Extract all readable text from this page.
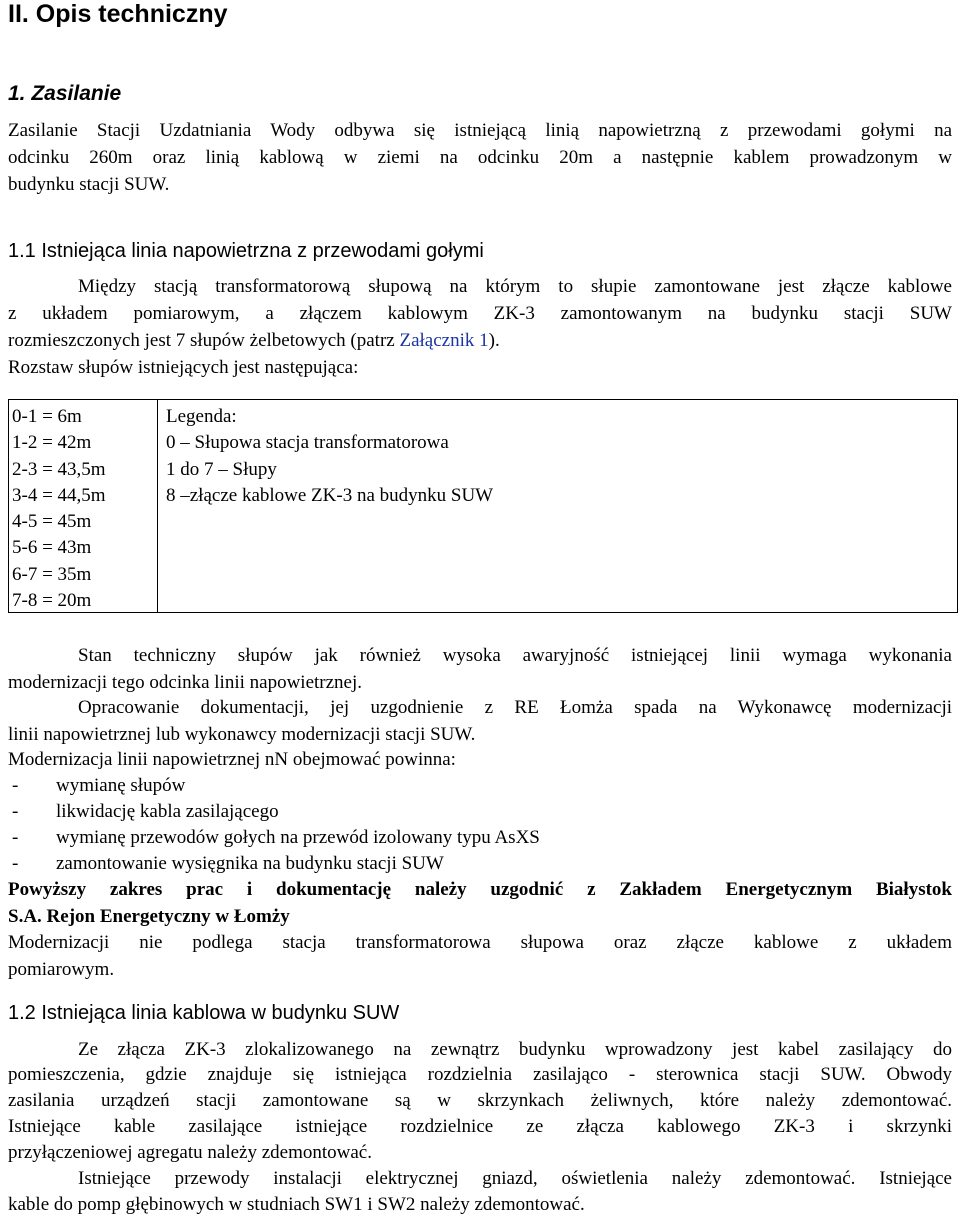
II. Opis techniczny
1. Zasilanie
Zasilanie Stacji Uzdatniania Wody odbywa się istniejącą linią napowietrzną z przewodami gołymi na
odcinku 260m oraz linią kablową w ziemi na odcinku 20m a następnie kablem prowadzonym w
budynku stacji SUW.
1.1 Istniejąca linia napowietrzna z przewodami gołymi
Między stacją transformatorową słupową na którym to słupie zamontowane jest złącze kablowe
z układem pomiarowym, a złączem kablowym ZK-3 zamontowanym na budynku stacji SUW
rozmieszczonych jest 7 słupów żelbetowych (patrz Załącznik 1).
Rozstaw słupów istniejących jest następująca:
0-1 = 6m
1-2 = 42m
2-3 = 43,5m
3-4 = 44,5m
4-5 = 45m
5-6 = 43m
6-7 = 35m
7-8 = 20m
Legenda:
0 – Słupowa stacja transformatorowa
1 do 7 – Słupy
8 –złącze kablowe ZK-3 na budynku SUW
Stan techniczny słupów jak również wysoka awaryjność istniejącej linii wymaga wykonania
modernizacji tego odcinka linii napowietrznej.
Opracowanie dokumentacji, jej uzgodnienie z RE Łomża spada na Wykonawcę modernizacji
linii napowietrznej lub wykonawcy modernizacji stacji SUW.
Modernizacja linii napowietrznej nN obejmować powinna:
- wymianę słupów
- likwidację kabla zasilającego
- wymianę przewodów gołych na przewód izolowany typu AsXS
- zamontowanie wysięgnika na budynku stacji SUW
Powyższy zakres prac i dokumentację należy uzgodnić z Zakładem Energetycznym Białystok
S.A. Rejon Energetyczny w Łomży
Modernizacji nie podlega stacja transformatorowa słupowa oraz złącze kablowe z układem
pomiarowym.
1.2 Istniejąca linia kablowa w budynku SUW
Ze złącza ZK-3 zlokalizowanego na zewnątrz budynku wprowadzony jest kabel zasilający do
pomieszczenia, gdzie znajduje się istniejąca rozdzielnia zasilająco - sterownica stacji SUW. Obwody
zasilania urządzeń stacji zamontowane są w skrzynkach żeliwnych, które należy zdemontować.
Istniejące kable zasilające istniejące rozdzielnice ze złącza kablowego ZK-3 i skrzynki
przyłączeniowej agregatu należy zdemontować.
Istniejące przewody instalacji elektrycznej gniazd, oświetlenia należy zdemontować. Istniejące
kable do pomp głębinowych w studniach SW1 i SW2 należy zdemontować.
